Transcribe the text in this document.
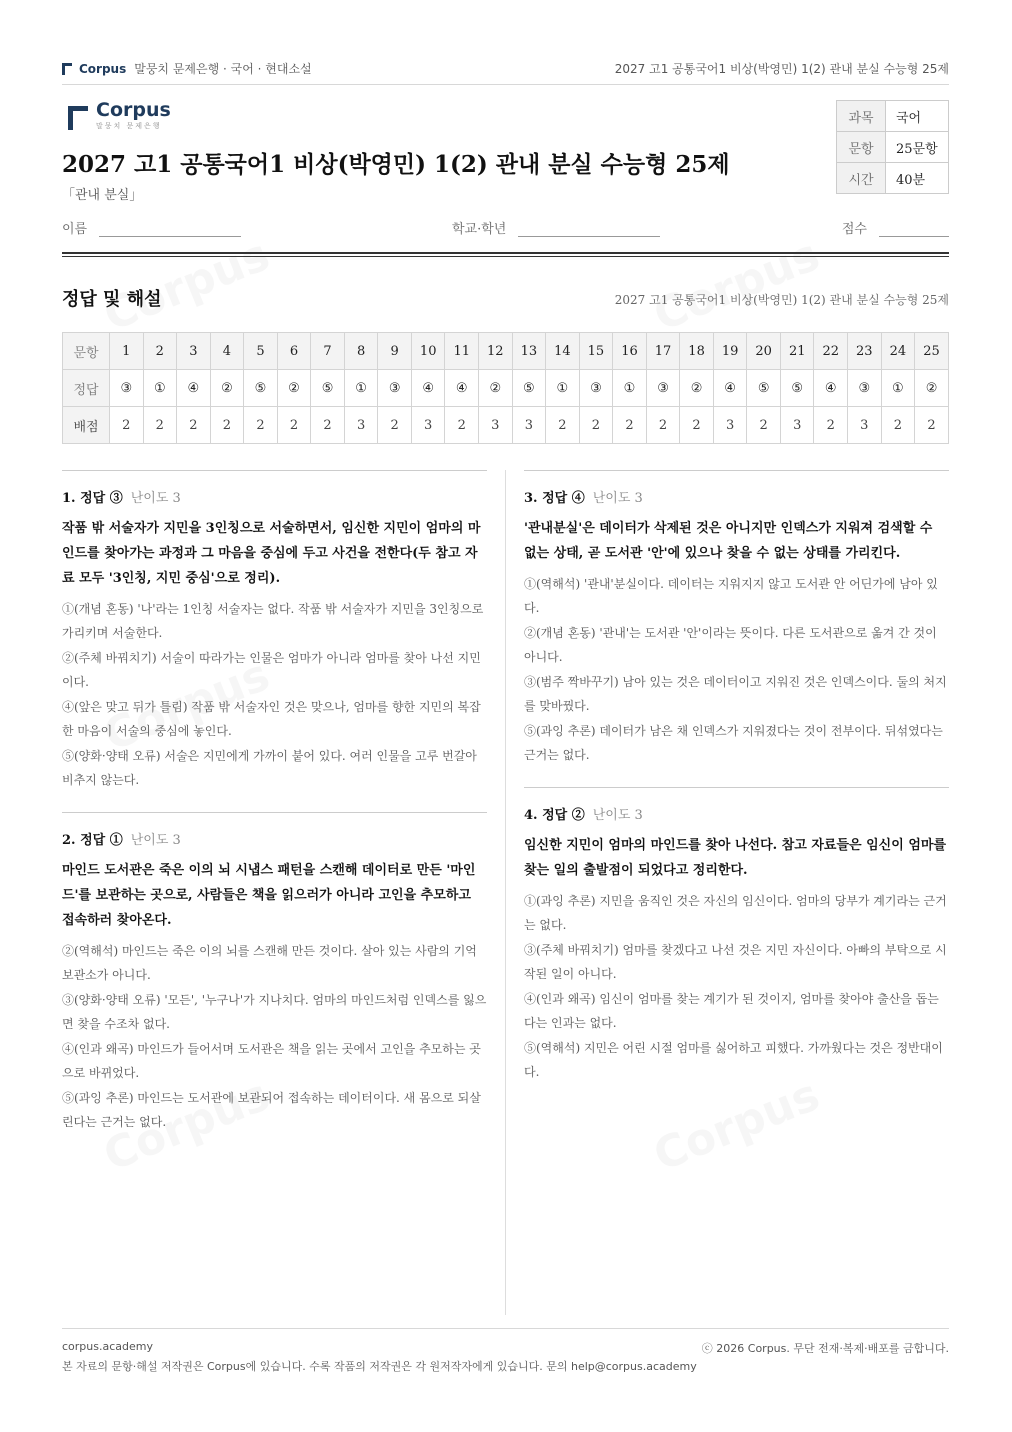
Corpus 말뭉치 문제은행 · 국어 · 현대소설	2027 고1 공통국어1 비상(박영민) 1(2) 관내 분실 수능형 25제
Corpus
말뭉치 문제은행
2027 고1 공통국어1 비상(박영민) 1(2) 관내 분실 수능형 25제
「관내 분실」
과목	국어
문항	25문항
시간	40분
이름	학교·학년	점수
정답 및 해설	2027 고1 공통국어1 비상(박영민) 1(2) 관내 분실 수능형 25제
문항	1	2	3	4	5	6	7	8	9	10	11	12	13	14	15	16	17	18	19	20	21	22	23	24	25
정답	③	①	④	②	⑤	②	⑤	①	③	④	④	②	⑤	①	③	①	③	②	④	⑤	⑤	④	③	①	②
배점	2	2	2	2	2	2	2	3	2	3	2	3	3	2	2	2	2	2	3	2	3	2	3	2	2
1. 정답 ③ 난이도 3
작품 밖 서술자가 지민을 3인칭으로 서술하면서, 임신한 지민이 엄마의 마인드를 찾아가는 과정과 그 마음을 중심에 두고 사건을 전한다(두 참고 자료 모두 '3인칭, 지민 중심'으로 정리).
①(개념 혼동) '나'라는 1인칭 서술자는 없다. 작품 밖 서술자가 지민을 3인칭으로 가리키며 서술한다.
②(주체 바꿔치기) 서술이 따라가는 인물은 엄마가 아니라 엄마를 찾아 나선 지민이다.
④(앞은 맞고 뒤가 틀림) 작품 밖 서술자인 것은 맞으나, 엄마를 향한 지민의 복잡한 마음이 서술의 중심에 놓인다.
⑤(양화·양태 오류) 서술은 지민에게 가까이 붙어 있다. 여러 인물을 고루 번갈아 비추지 않는다.
2. 정답 ① 난이도 3
마인드 도서관은 죽은 이의 뇌 시냅스 패턴을 스캔해 데이터로 만든 '마인드'를 보관하는 곳으로, 사람들은 책을 읽으러가 아니라 고인을 추모하고 접속하러 찾아온다.
②(역해석) 마인드는 죽은 이의 뇌를 스캔해 만든 것이다. 살아 있는 사람의 기억 보관소가 아니다.
③(양화·양태 오류) '모든', '누구나'가 지나치다. 엄마의 마인드처럼 인덱스를 잃으면 찾을 수조차 없다.
④(인과 왜곡) 마인드가 들어서며 도서관은 책을 읽는 곳에서 고인을 추모하는 곳으로 바뀌었다.
⑤(과잉 추론) 마인드는 도서관에 보관되어 접속하는 데이터이다. 새 몸으로 되살린다는 근거는 없다.
3. 정답 ④ 난이도 3
'관내분실'은 데이터가 삭제된 것은 아니지만 인덱스가 지워져 검색할 수 없는 상태, 곧 도서관 '안'에 있으나 찾을 수 없는 상태를 가리킨다.
①(역해석) '관내'분실이다. 데이터는 지워지지 않고 도서관 안 어딘가에 남아 있다.
②(개념 혼동) '관내'는 도서관 '안'이라는 뜻이다. 다른 도서관으로 옮겨 간 것이 아니다.
③(범주 짝바꾸기) 남아 있는 것은 데이터이고 지워진 것은 인덱스이다. 둘의 처지를 맞바꿨다.
⑤(과잉 추론) 데이터가 남은 채 인덱스가 지워졌다는 것이 전부이다. 뒤섞였다는 근거는 없다.
4. 정답 ② 난이도 3
임신한 지민이 엄마의 마인드를 찾아 나선다. 참고 자료들은 임신이 엄마를 찾는 일의 출발점이 되었다고 정리한다.
①(과잉 추론) 지민을 움직인 것은 자신의 임신이다. 엄마의 당부가 계기라는 근거는 없다.
③(주체 바꿔치기) 엄마를 찾겠다고 나선 것은 지민 자신이다. 아빠의 부탁으로 시작된 일이 아니다.
④(인과 왜곡) 임신이 엄마를 찾는 계기가 된 것이지, 엄마를 찾아야 출산을 돕는다는 인과는 없다.
⑤(역해석) 지민은 어린 시절 엄마를 싫어하고 피했다. 가까웠다는 것은 정반대이다.
corpus.academy	ⓒ 2026 Corpus. 무단 전재·복제·배포를 금합니다.
본 자료의 문항·해설 저작권은 Corpus에 있습니다. 수록 작품의 저작권은 각 원저작자에게 있습니다. 문의 help@corpus.academy
